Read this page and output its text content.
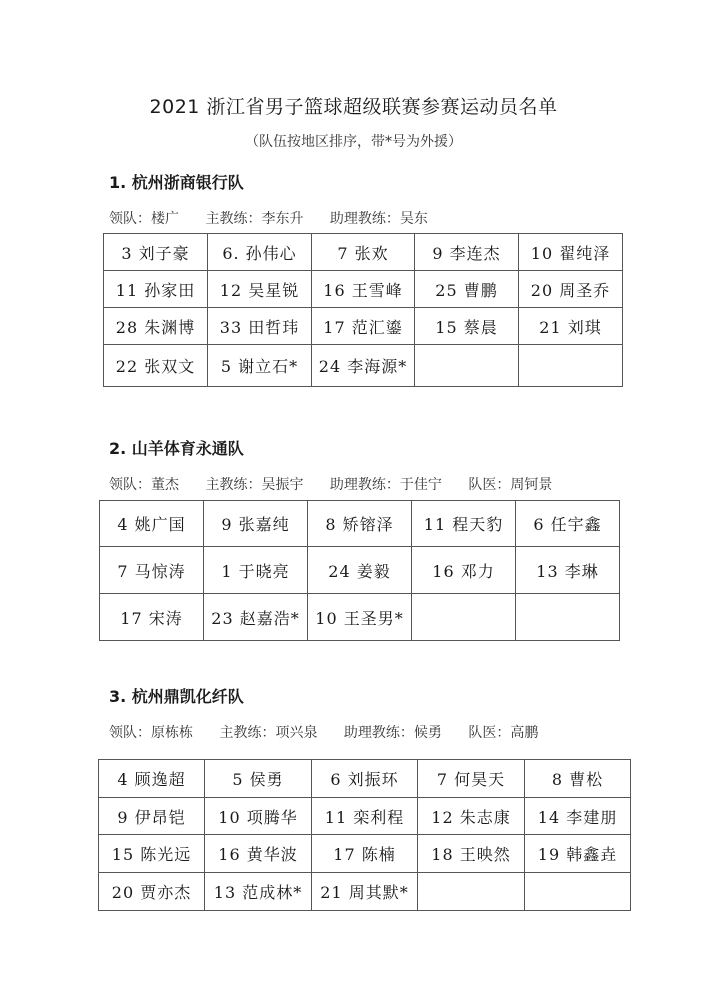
2021 浙江省男子篮球超级联赛参赛运动员名单
（队伍按地区排序，带*号为外援）
1. 杭州浙商银行队
领队：楼广 主教练：李东升 助理教练：吴东
3 刘子豪	6. 孙伟心	7 张欢	9 李连杰	10 翟纯泽
11 孙家田	12 吴星锐	16 王雪峰	25 曹鹏	20 周圣乔
28 朱渊博	33 田哲玮	17 范汇鎏	15 蔡晨	21 刘琪
22 张双文	5 谢立石*	24 李海源*		
2. 山羊体育永通队
领队：董杰 主教练：吴振宇 助理教练：于佳宁 队医：周钶景
4 姚广国	9 张嘉纯	8 矫镕泽	11 程天豹	6 任宇鑫
7 马惊涛	1 于晓亮	24 姜毅	16 邓力	13 李琳
17 宋涛	23 赵嘉浩*	10 王圣男*		
3. 杭州鼎凯化纤队
领队：原栋栋 主教练：项兴泉 助理教练：候勇 队医：高鹏
4 顾逸超	5 侯勇	6 刘振环	7 何昊天	8 曹松
9 伊昂铠	10 项腾华	11 栾利程	12 朱志康	14 李建朋
15 陈光远	16 黄华波	17 陈楠	18 王映然	19 韩鑫垚
20 贾亦杰	13 范成林*	21 周其默*		
